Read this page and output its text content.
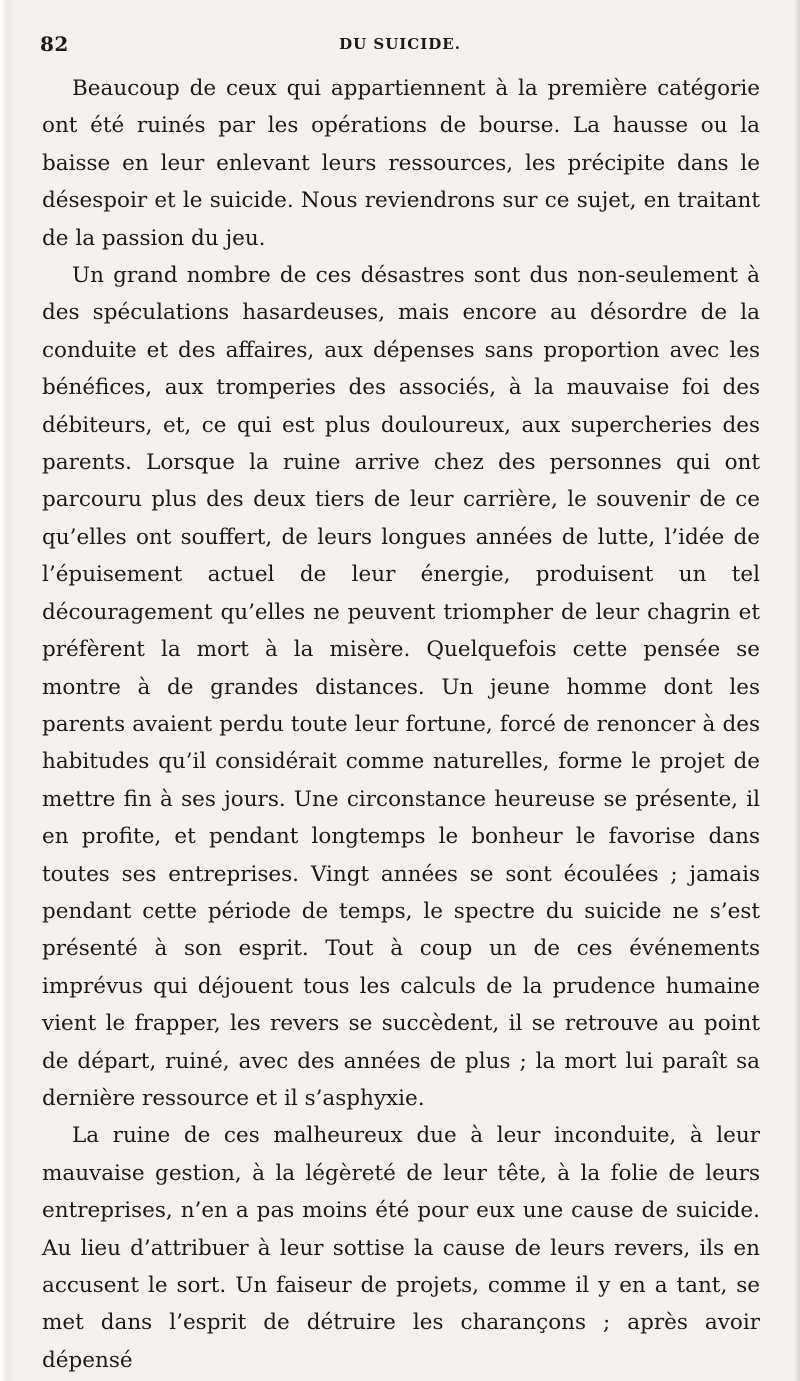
82	DU SUICIDE.

Beaucoup de ceux qui appartiennent à la première catégorie ont été ruinés par les opérations de bourse. La hausse ou la baisse en leur enlevant leurs ressources, les précipite dans le désespoir et le suicide. Nous reviendrons sur ce sujet, en traitant de la passion du jeu.

Un grand nombre de ces désastres sont dus non-seulement à des spéculations hasardeuses, mais encore au désordre de la conduite et des affaires, aux dépenses sans proportion avec les bénéfices, aux tromperies des associés, à la mauvaise foi des débiteurs, et, ce qui est plus douloureux, aux supercheries des parents. Lorsque la ruine arrive chez des personnes qui ont parcouru plus des deux tiers de leur carrière, le souvenir de ce qu’elles ont souffert, de leurs longues années de lutte, l’idée de l’épuisement actuel de leur énergie, produisent un tel découragement qu’elles ne peuvent triompher de leur chagrin et préfèrent la mort à la misère. Quelquefois cette pensée se montre à de grandes distances. Un jeune homme dont les parents avaient perdu toute leur fortune, forcé de renoncer à des habitudes qu’il considérait comme naturelles, forme le projet de mettre fin à ses jours. Une circonstance heureuse se présente, il en profite, et pendant longtemps le bonheur le favorise dans toutes ses entreprises. Vingt années se sont écoulées ; jamais pendant cette période de temps, le spectre du suicide ne s’est présenté à son esprit. Tout à coup un de ces événements imprévus qui déjouent tous les calculs de la prudence humaine vient le frapper, les revers se succèdent, il se retrouve au point de départ, ruiné, avec des années de plus ; la mort lui paraît sa dernière ressource et il s’asphyxie.

La ruine de ces malheureux due à leur inconduite, à leur mauvaise gestion, à la légèreté de leur tête, à la folie de leurs entreprises, n’en a pas moins été pour eux une cause de suicide. Au lieu d’attribuer à leur sottise la cause de leurs revers, ils en accusent le sort. Un faiseur de projets, comme il y en a tant, se met dans l’esprit de détruire les charançons ; après avoir dépensé
